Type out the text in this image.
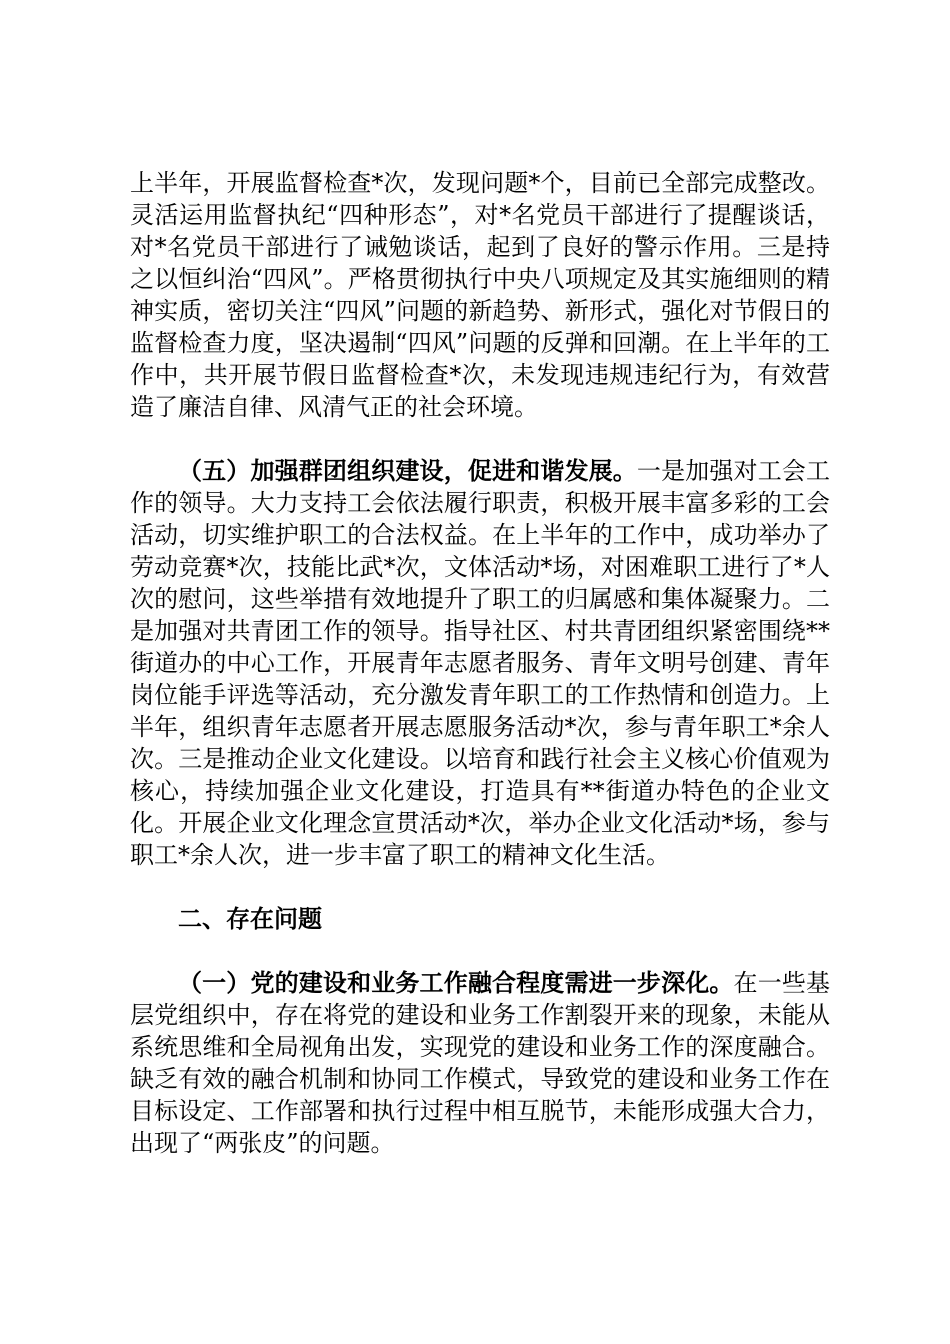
上半年，开展监督检查*次，发现问题*个，目前已全部完成整改。灵活运用监督执纪“四种形态”，对*名党员干部进行了提醒谈话，对*名党员干部进行了诫勉谈话，起到了良好的警示作用。三是持之以恒纠治“四风”。严格贯彻执行中央八项规定及其实施细则的精神实质，密切关注“四风”问题的新趋势、新形式，强化对节假日的监督检查力度，坚决遏制“四风”问题的反弹和回潮。在上半年的工作中，共开展节假日监督检查*次，未发现违规违纪行为，有效营造了廉洁自律、风清气正的社会环境。

（五）加强群团组织建设，促进和谐发展。一是加强对工会工作的领导。大力支持工会依法履行职责，积极开展丰富多彩的工会活动，切实维护职工的合法权益。在上半年的工作中，成功举办了劳动竞赛*次，技能比武*次，文体活动*场，对困难职工进行了*人次的慰问，这些举措有效地提升了职工的归属感和集体凝聚力。二是加强对共青团工作的领导。指导社区、村共青团组织紧密围绕**街道办的中心工作，开展青年志愿者服务、青年文明号创建、青年岗位能手评选等活动，充分激发青年职工的工作热情和创造力。上半年，组织青年志愿者开展志愿服务活动*次，参与青年职工*余人次。三是推动企业文化建设。以培育和践行社会主义核心价值观为核心，持续加强企业文化建设，打造具有**街道办特色的企业文化。开展企业文化理念宣贯活动*次，举办企业文化活动*场，参与职工*余人次，进一步丰富了职工的精神文化生活。

二、存在问题

（一）党的建设和业务工作融合程度需进一步深化。在一些基层党组织中，存在将党的建设和业务工作割裂开来的现象，未能从系统思维和全局视角出发，实现党的建设和业务工作的深度融合。缺乏有效的融合机制和协同工作模式，导致党的建设和业务工作在目标设定、工作部署和执行过程中相互脱节，未能形成强大合力，出现了“两张皮”的问题。
